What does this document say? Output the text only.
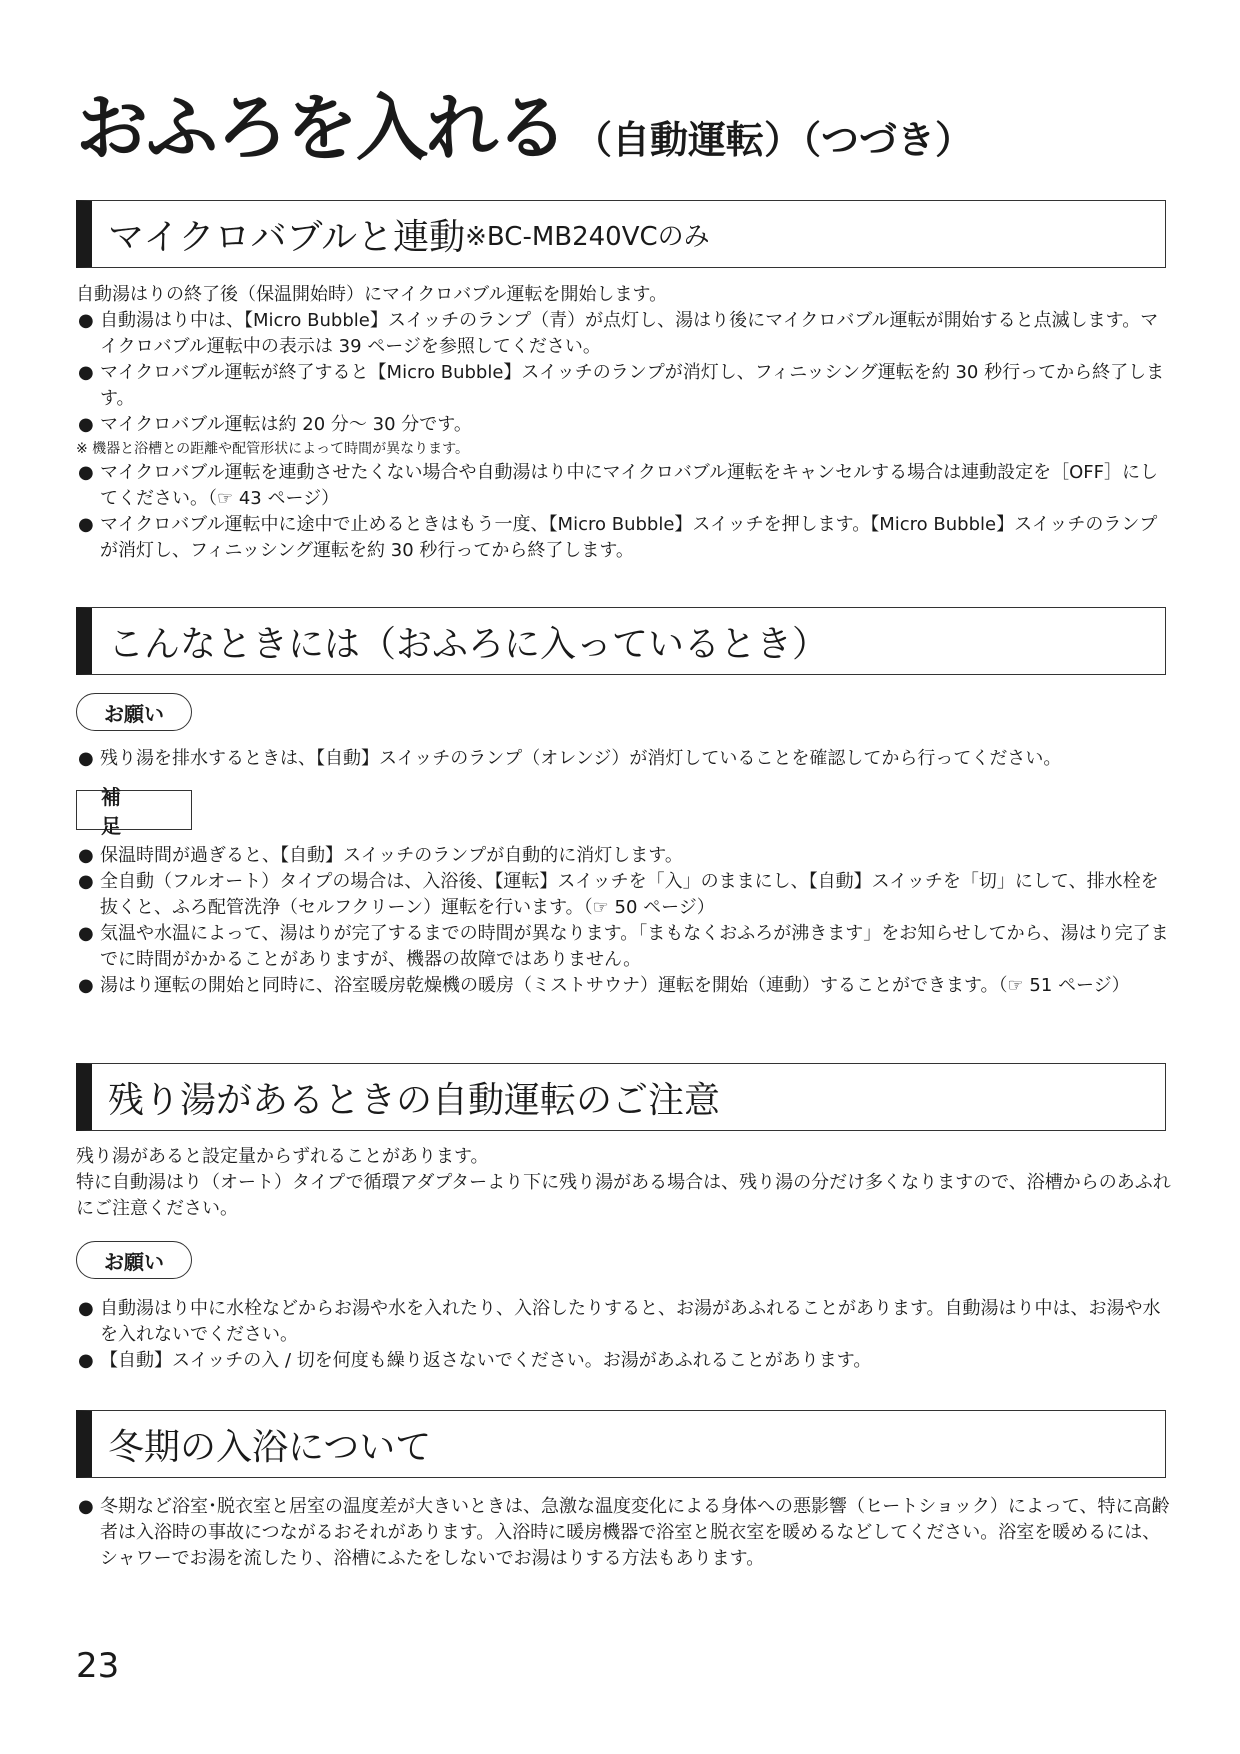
おふろを入れる （自動運転）（つづき）
マイクロバブルと連動 ※BC-MB240VCのみ

自動湯はりの終了後（保温開始時）にマイクロバブル運転を開始します。

● 自動湯はり中は、【Micro Bubble】スイッチのランプ（青）が点灯し、湯はり後にマイクロバブル運転が開始すると点滅します。マイクロバブル運転中の表示は 39 ページを参照してください。
● マイクロバブル運転が終了すると【Micro Bubble】スイッチのランプが消灯し、フィニッシング運転を約 30 秒行ってから終了します。
● マイクロバブル運転は約 20 分～ 30 分です。

※ 機器と浴槽との距離や配管形状によって時間が異なります。

● マイクロバブル運転を連動させたくない場合や自動湯はり中にマイクロバブル運転をキャンセルする場合は連動設定を［OFF］にしてください。（☞ 43 ページ）
● マイクロバブル運転中に途中で止めるときはもう一度、【Micro Bubble】スイッチを押します。【Micro Bubble】スイッチのランプが消灯し、フィニッシング運転を約 30 秒行ってから終了します。
こんなときには（おふろに入っているとき）
お願い
● 残り湯を排水するときは、【自動】スイッチのランプ（オレンジ）が消灯していることを確認してから行ってください。
補 足
● 保温時間が過ぎると、【自動】スイッチのランプが自動的に消灯します。
● 全自動（フルオート）タイプの場合は、入浴後、【運転】スイッチを「入」のままにし、【自動】スイッチを「切」にして、排水栓を抜くと、ふろ配管洗浄（セルフクリーン）運転を行います。（☞ 50 ページ）
● 気温や水温によって、湯はりが完了するまでの時間が異なります。「まもなくおふろが沸きます」をお知らせしてから、湯はり完了までに時間がかかることがありますが、機器の故障ではありません。
● 湯はり運転の開始と同時に、浴室暖房乾燥機の暖房（ミストサウナ）運転を開始（連動）することができます。（☞ 51 ページ）
残り湯があるときの自動運転のご注意

残り湯があると設定量からずれることがあります。

特に自動湯はり（オート）タイプで循環アダプターより下に残り湯がある場合は、残り湯の分だけ多くなりますので、浴槽からのあふれにご注意ください。

お願い
● 自動湯はり中に水栓などからお湯や水を入れたり、入浴したりすると、お湯があふれることがあります。自動湯はり中は、お湯や水を入れないでください。
● 【自動】スイッチの入 / 切を何度も繰り返さないでください。お湯があふれることがあります。
冬期の入浴について
● 冬期など浴室･脱衣室と居室の温度差が大きいときは、急激な温度変化による身体への悪影響（ヒートショック）によって、特に高齢者は入浴時の事故につながるおそれがあります。入浴時に暖房機器で浴室と脱衣室を暖めるなどしてください。浴室を暖めるには、シャワーでお湯を流したり、浴槽にふたをしないでお湯はりする方法もあります。
23
